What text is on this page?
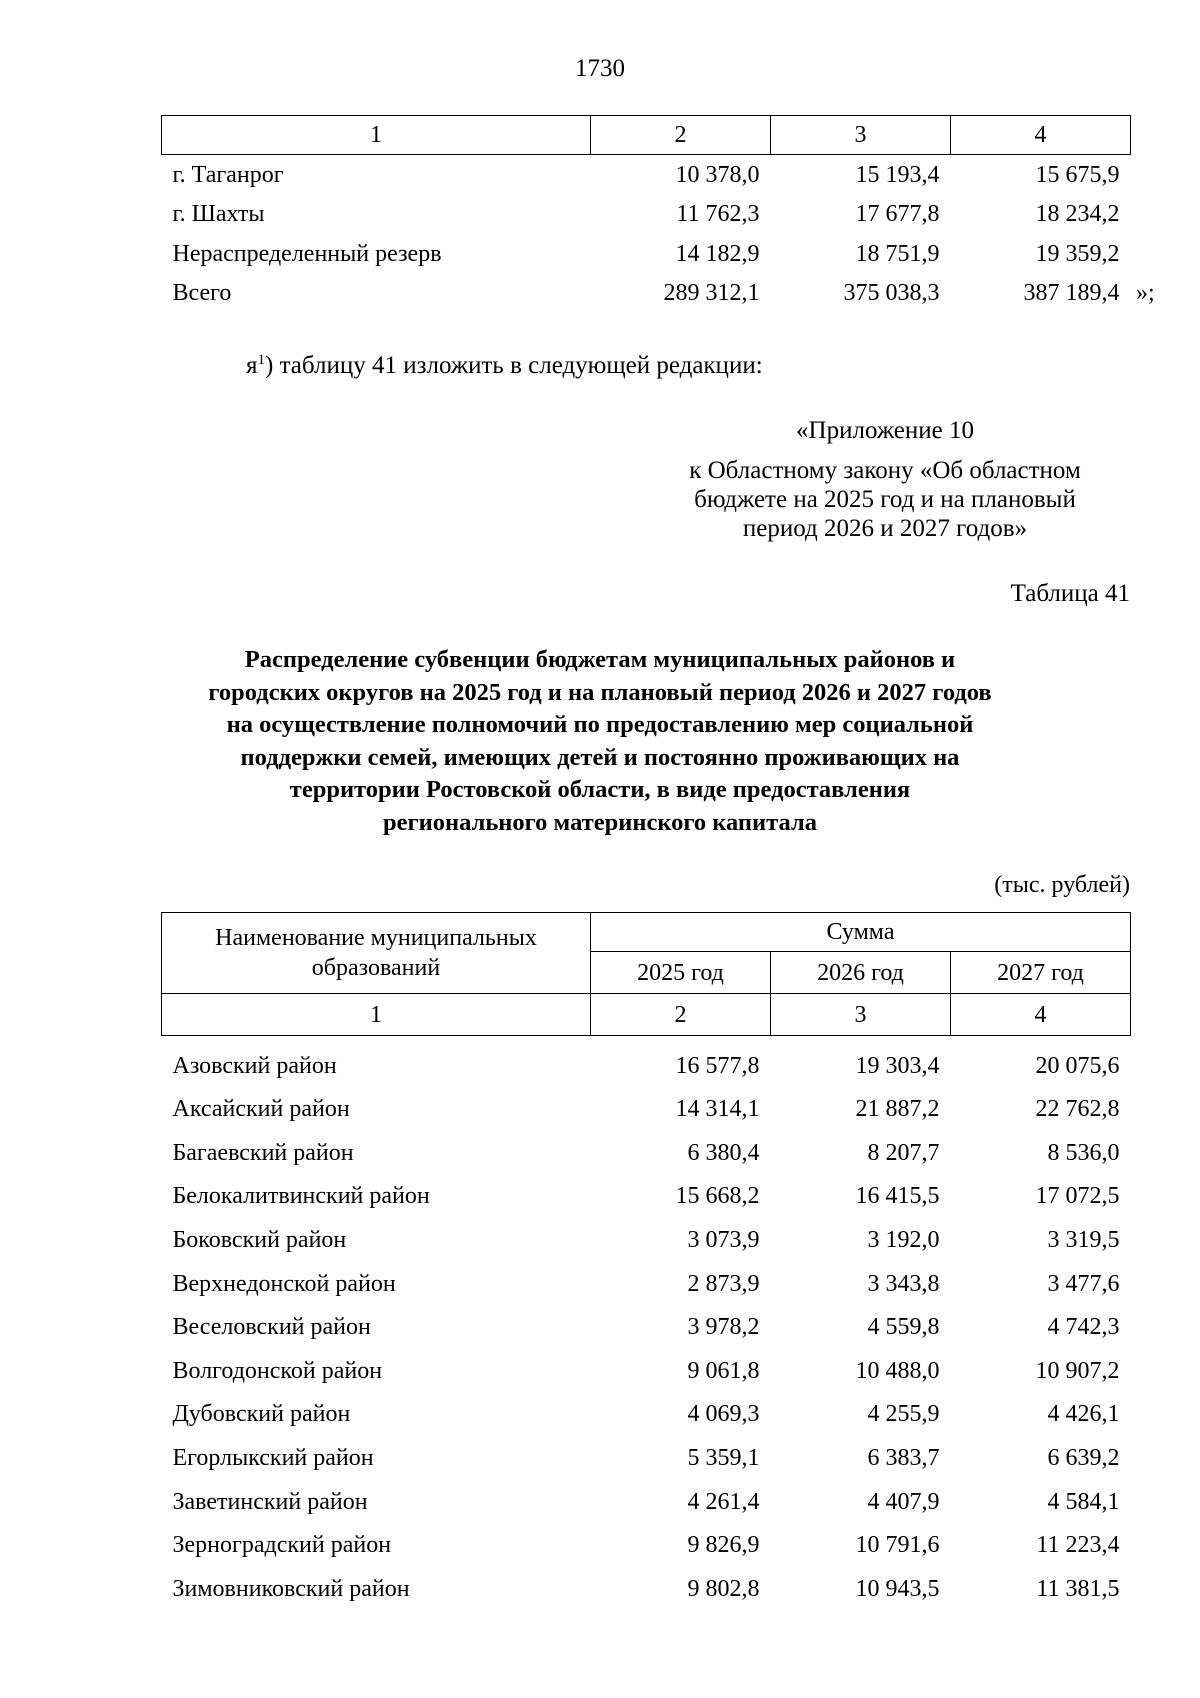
1730
1	2	3	4
г. Таганрог	10 378,0	15 193,4	15 675,9
г. Шахты	11 762,3	17 677,8	18 234,2
Нераспределенный резерв	14 182,9	18 751,9	19 359,2
Всего	289 312,1	375 038,3	387 189,4 »;
$я^1$) таблицу 41 изложить в следующей редакции:
«Приложение 10
к Областному закону «Об областном
бюджете на 2025 год и на плановый
период 2026 и 2027 годов»
Таблица 41
Распределение субвенции бюджетам муниципальных районов и
городских округов на 2025 год и на плановый период 2026 и 2027 годов
на осуществление полномочий по предоставлению мер социальной
поддержки семей, имеющих детей и постоянно проживающих на
территории Ростовской области, в виде предоставления
регионального материнского капитала
(тыс. рублей)
Наименование муниципальных
образований	Сумма		
	2025 год	2026 год	2027 год
1	2	3	4
Азовский район	16 577,8	19 303,4	20 075,6
Аксайский район	14 314,1	21 887,2	22 762,8
Багаевский район	6 380,4	8 207,7	8 536,0
Белокалитвинский район	15 668,2	16 415,5	17 072,5
Боковский район	3 073,9	3 192,0	3 319,5
Верхнедонской район	2 873,9	3 343,8	3 477,6
Веселовский район	3 978,2	4 559,8	4 742,3
Волгодонской район	9 061,8	10 488,0	10 907,2
Дубовский район	4 069,3	4 255,9	4 426,1
Егорлыкский район	5 359,1	6 383,7	6 639,2
Заветинский район	4 261,4	4 407,9	4 584,1
Зерноградский район	9 826,9	10 791,6	11 223,4
Зимовниковский район	9 802,8	10 943,5	11 381,5
